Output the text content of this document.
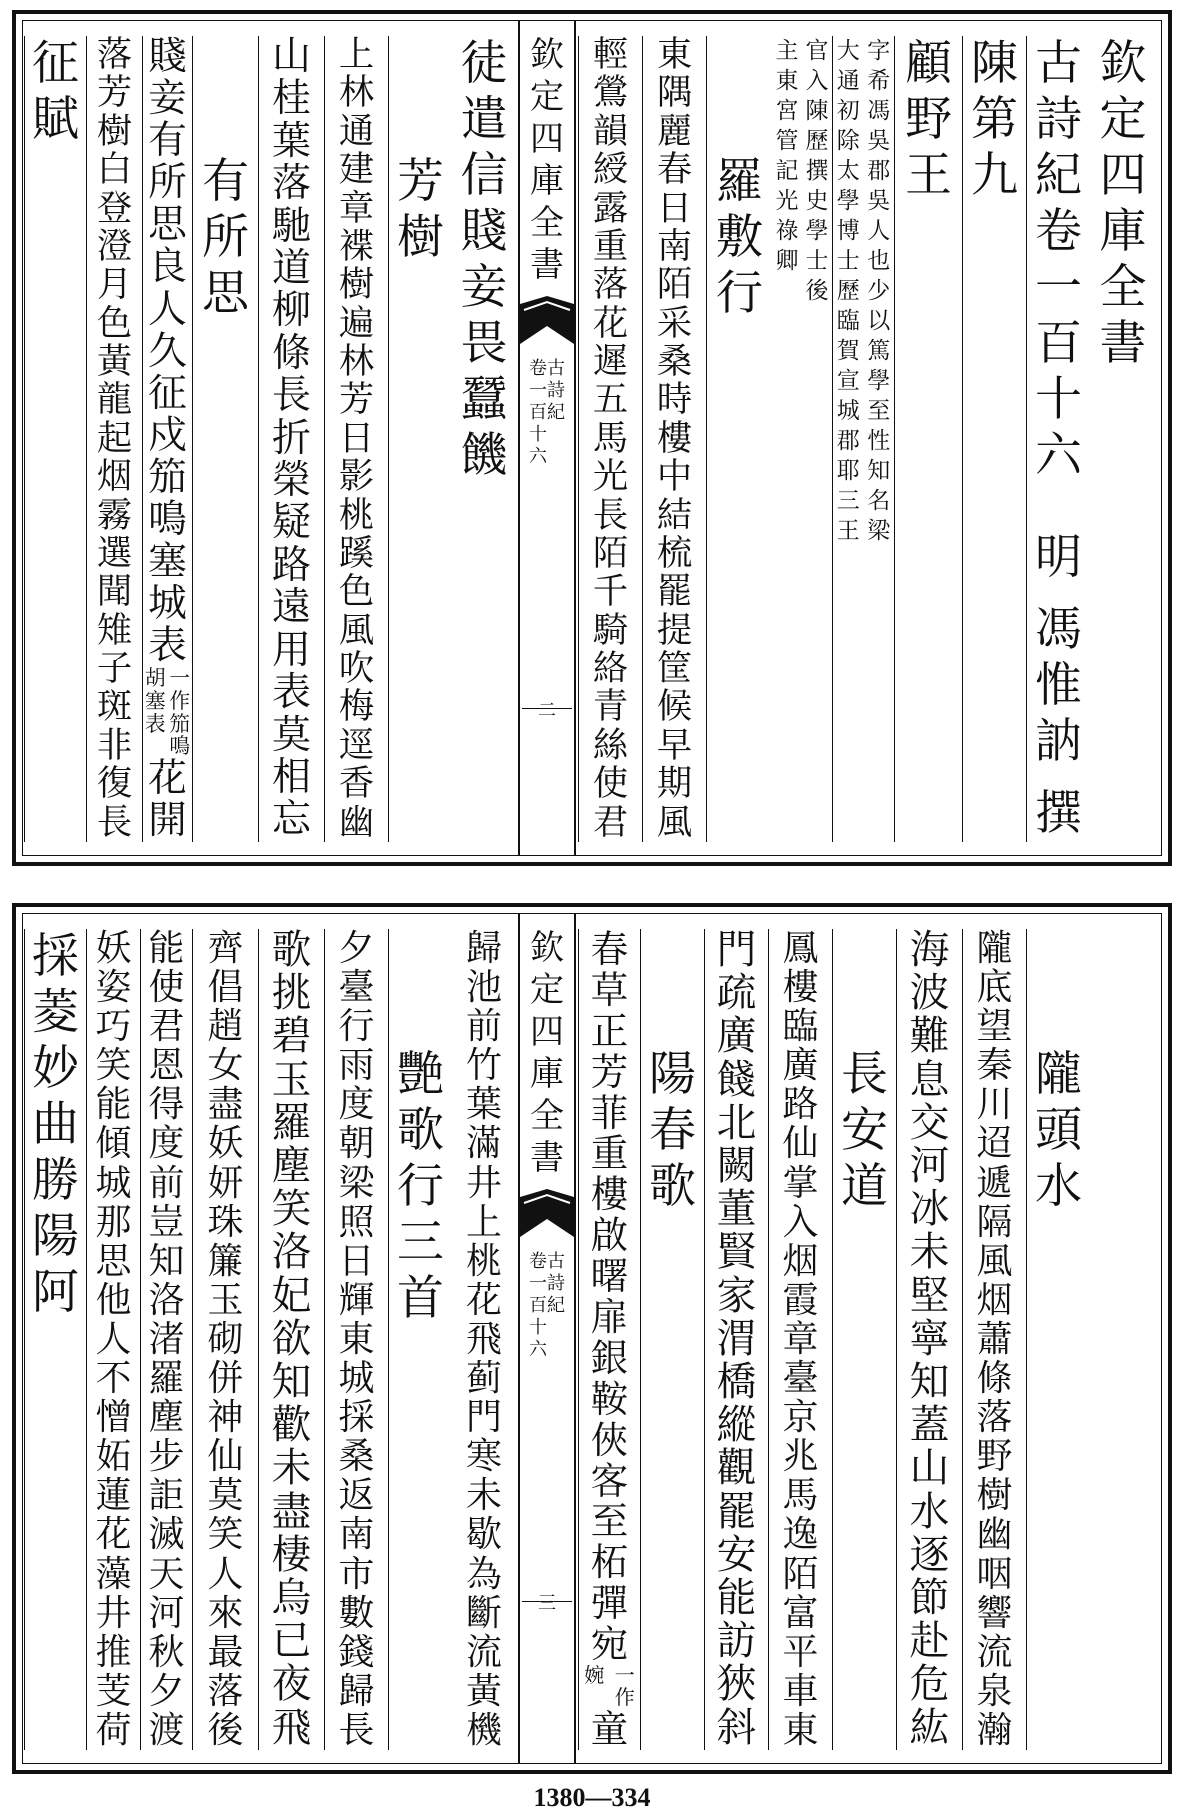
欽
定
四
庫
全
書
古
詩
紀
卷
一
百
十
六
明
馮
惟
訥
撰
陳
第
九
顧
野
王
字
希
馮
吳
郡
吳
人
也
少
以
篤
學
至
性
知
名
梁
大
通
初
除
太
學
博
士
歷
臨
賀
宣
城
郡
耶
三
王
官
入
陳
歷
撰
史
學
士
後
主
東
宮
管
記
光
祿
卿
羅
敷
行
東
隅
麗
春
日
南
陌
采
桑
時
樓
中
結
梳
罷
提
筐
候
早
期
風
輕
鶯
韻
綬
露
重
落
花
遲
五
馬
光
長
陌
千
騎
絡
青
絲
使
君
欽
定
四
庫
全
書
古
詩
紀
卷
一
百
十
六
二
徒
遣
信
賤
妾
畏
蠶
饑
芳
樹
上
林
通
建
章
褋
樹
遍
林
芳
日
影
桃
蹊
色
風
吹
梅
逕
香
幽
山
桂
葉
落
馳
道
柳
條
長
折
榮
疑
路
遠
用
表
莫
相
忘
有
所
思
賤
妾
有
所
思
良
人
久
征
戍
笳
鳴
塞
城
表
一
作
笳
鳴
胡
塞
表
花
開
落
芳
樹
白
登
澄
月
色
黃
龍
起
烟
霧
選
聞
雉
子
斑
非
復
長
征
賦
隴
頭
水
隴
底
望
秦
川
迢
遞
隔
風
烟
蕭
條
落
野
樹
幽
咽
響
流
泉
瀚
海
波
難
息
交
河
冰
未
堅
寧
知
蓋
山
水
逐
節
赴
危
紘
長
安
道
鳳
樓
臨
廣
路
仙
掌
入
烟
霞
章
臺
京
兆
馬
逸
陌
富
平
車
東
門
疏
廣
餞
北
闕
董
賢
家
渭
橋
縱
觀
罷
安
能
訪
狹
斜
陽
春
歌
春
草
正
芳
菲
重
樓
啟
曙
扉
銀
鞍
俠
客
至
柘
彈
宛
一
作
婉
童
欽
定
四
庫
全
書
古
詩
紀
卷
一
百
十
六
三
歸
池
前
竹
葉
滿
井
上
桃
花
飛
蓟
門
寒
未
歇
為
斷
流
黃
機
艷
歌
行
三
首
夕
臺
行
雨
度
朝
梁
照
日
輝
東
城
採
桑
返
南
市
數
錢
歸
長
歌
挑
碧
玉
羅
塵
笑
洛
妃
欲
知
歡
未
盡
棲
烏
已
夜
飛
齊
倡
趙
女
盡
妖
妍
珠
簾
玉
砌
併
神
仙
莫
笑
人
來
最
落
後
能
使
君
恩
得
度
前
豈
知
洛
渚
羅
塵
步
詎
滅
天
河
秋
夕
渡
妖
姿
巧
笑
能
傾
城
那
思
他
人
不
憎
妬
蓮
花
藻
井
推
芰
荷
採
菱
妙
曲
勝
陽
阿
1380—334
